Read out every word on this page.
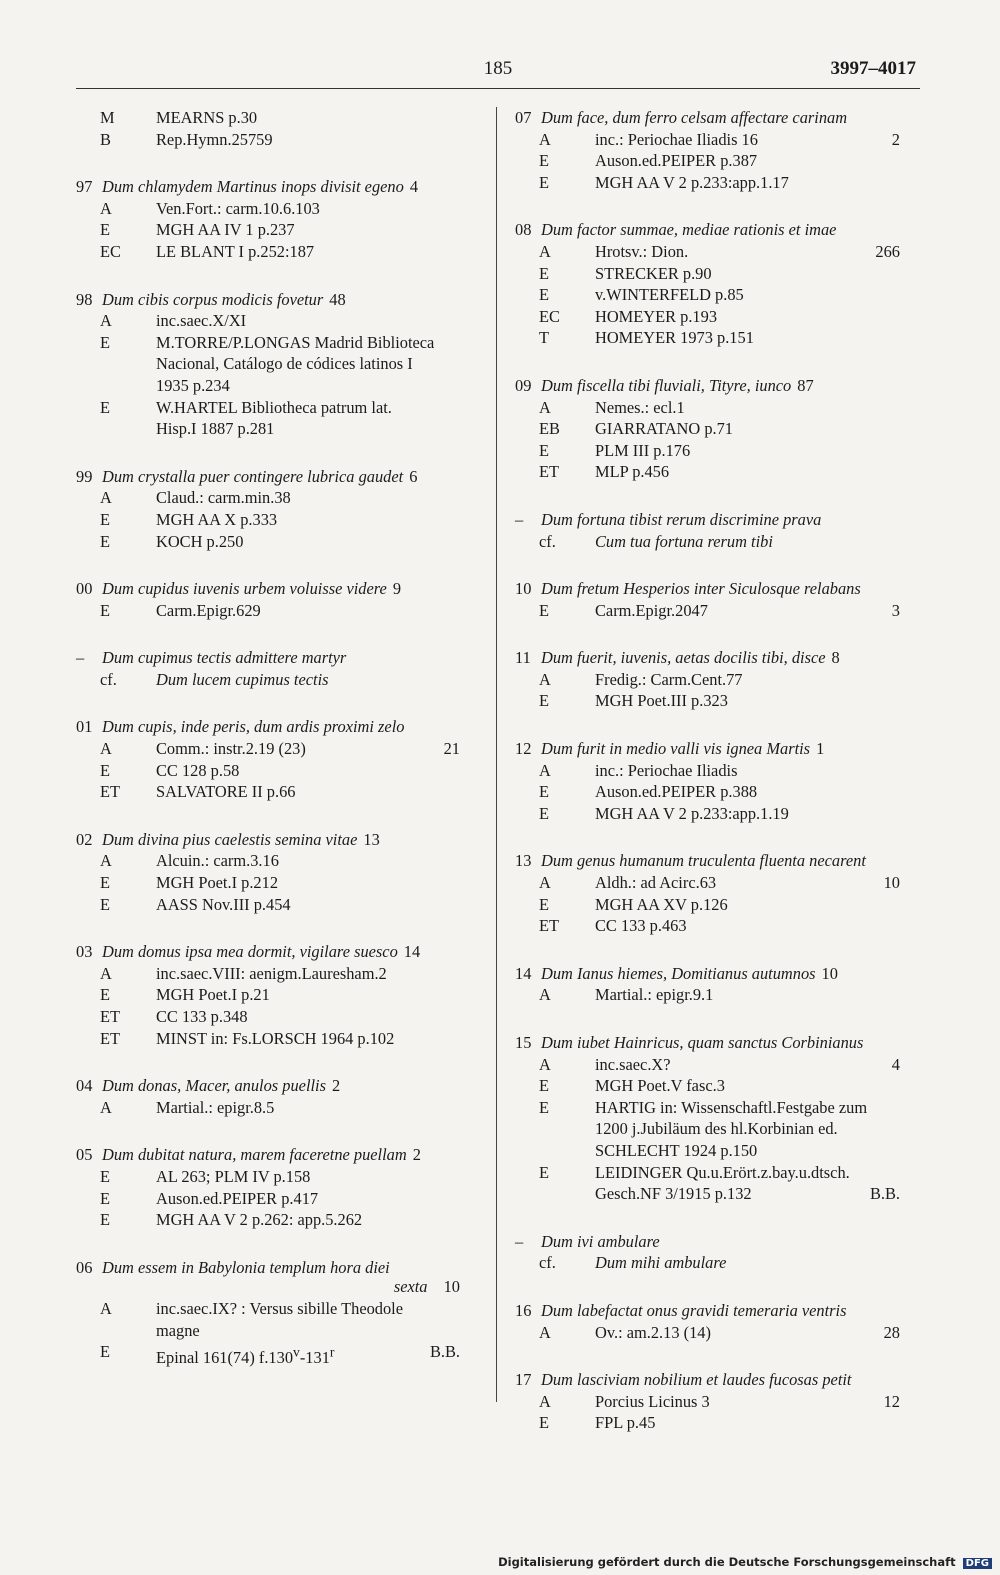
185	3997–4017
M	MEARNS p.30
B	Rep.Hymn.25759
97 Dum chlamydem Martinus inops divisit egeno 4
A	Ven.Fort.: carm.10.6.103
E	MGH AA IV 1 p.237
EC LE BLANT I p.252:187
98 Dum cibis corpus modicis fovetur 48
A	inc.saec.X/XI
E	M.TORRE/P.LONGAS Madrid Biblioteca
Nacional, Catálogo de códices latinos I
1935 p.234
E	W.HARTEL Bibliotheca patrum lat.
Hisp.I 1887 p.281
99 Dum crystalla puer contingere lubrica gaudet 6
A	Claud.: carm.min.38
E	MGH AA X p.333
E	KOCH p.250
00 Dum cupidus iuvenis urbem voluisse videre 9
E	Carm.Epigr.629
– Dum cupimus tectis admittere martyr
cf. Dum lucem cupimus tectis
01 Dum cupis, inde peris, dum ardis proximi zelo
A	Comm.: instr.2.19 (23)	21
E	CC 128 p.58
ET SALVATORE II p.66
02 Dum divina pius caelestis semina vitae 13
A	Alcuin.: carm.3.16
E	MGH Poet.I p.212
E	AASS Nov.III p.454
03 Dum domus ipsa mea dormit, vigilare suesco 14
A	inc.saec.VIII: aenigm.Lauresham.2
E	MGH Poet.I p.21
ET CC 133 p.348
ET MINST in: Fs.LORSCH 1964 p.102
04 Dum donas, Macer, anulos puellis 2
A	Martial.: epigr.8.5
05 Dum dubitat natura, marem faceretne puellam 2
E	AL 263; PLM IV p.158
E	Auson.ed.PEIPER p.417
E	MGH AA V 2 p.262: app.5.262
06 Dum essem in Babylonia templum hora diei
sexta 10
A	inc.saec.IX? : Versus sibille Theodole
magne
E	Epinal 161(74) f.130$^v$-131$^r$	B.B.
07 Dum face, dum ferro celsam affectare carinam
A	inc.: Periochae Iliadis 16	2
E	Auson.ed.PEIPER p.387
E	MGH AA V 2 p.233:app.1.17
08 Dum factor summae, mediae rationis et imae
A	Hrotsv.: Dion.	266
E	STRECKER p.90
E	v.WINTERFELD p.85
EC HOMEYER p.193
T	HOMEYER 1973 p.151
09 Dum fiscella tibi fluviali, Tityre, iunco 87
A	Nemes.: ecl.1
EB GIARRATANO p.71
E	PLM III p.176
ET MLP p.456
– Dum fortuna tibist rerum discrimine prava
cf. Cum tua fortuna rerum tibi
10 Dum fretum Hesperios inter Siculosque relabans
E	Carm.Epigr.2047	3
11 Dum fuerit, iuvenis, aetas docilis tibi, disce 8
A	Fredig.: Carm.Cent.77
E	MGH Poet.III p.323
12 Dum furit in medio valli vis ignea Martis 1
A	inc.: Periochae Iliadis
E	Auson.ed.PEIPER p.388
E	MGH AA V 2 p.233:app.1.19
13 Dum genus humanum truculenta fluenta necarent
A	Aldh.: ad Acirc.63	10
E	MGH AA XV p.126
ET CC 133 p.463
14 Dum Ianus hiemes, Domitianus autumnos 10
A	Martial.: epigr.9.1
15 Dum iubet Hainricus, quam sanctus Corbinianus
A	inc.saec.X?	4
E	MGH Poet.V fasc.3
E	HARTIG in: Wissenschaftl.Festgabe zum
1200 j.Jubiläum des hl.Korbinian ed.
SCHLECHT 1924 p.150
E	LEIDINGER Qu.u.Erört.z.bay.u.dtsch.
Gesch.NF 3/1915 p.132	B.B.
– Dum ivi ambulare
cf. Dum mihi ambulare
16 Dum labefactat onus gravidi temeraria ventris
A	Ov.: am.2.13 (14)	28
17 Dum lasciviam nobilium et laudes fucosas petit
A	Porcius Licinus 3	12
E	FPL p.45
Digitalisierung gefördert durch die Deutsche Forschungsgemeinschaft DFG
